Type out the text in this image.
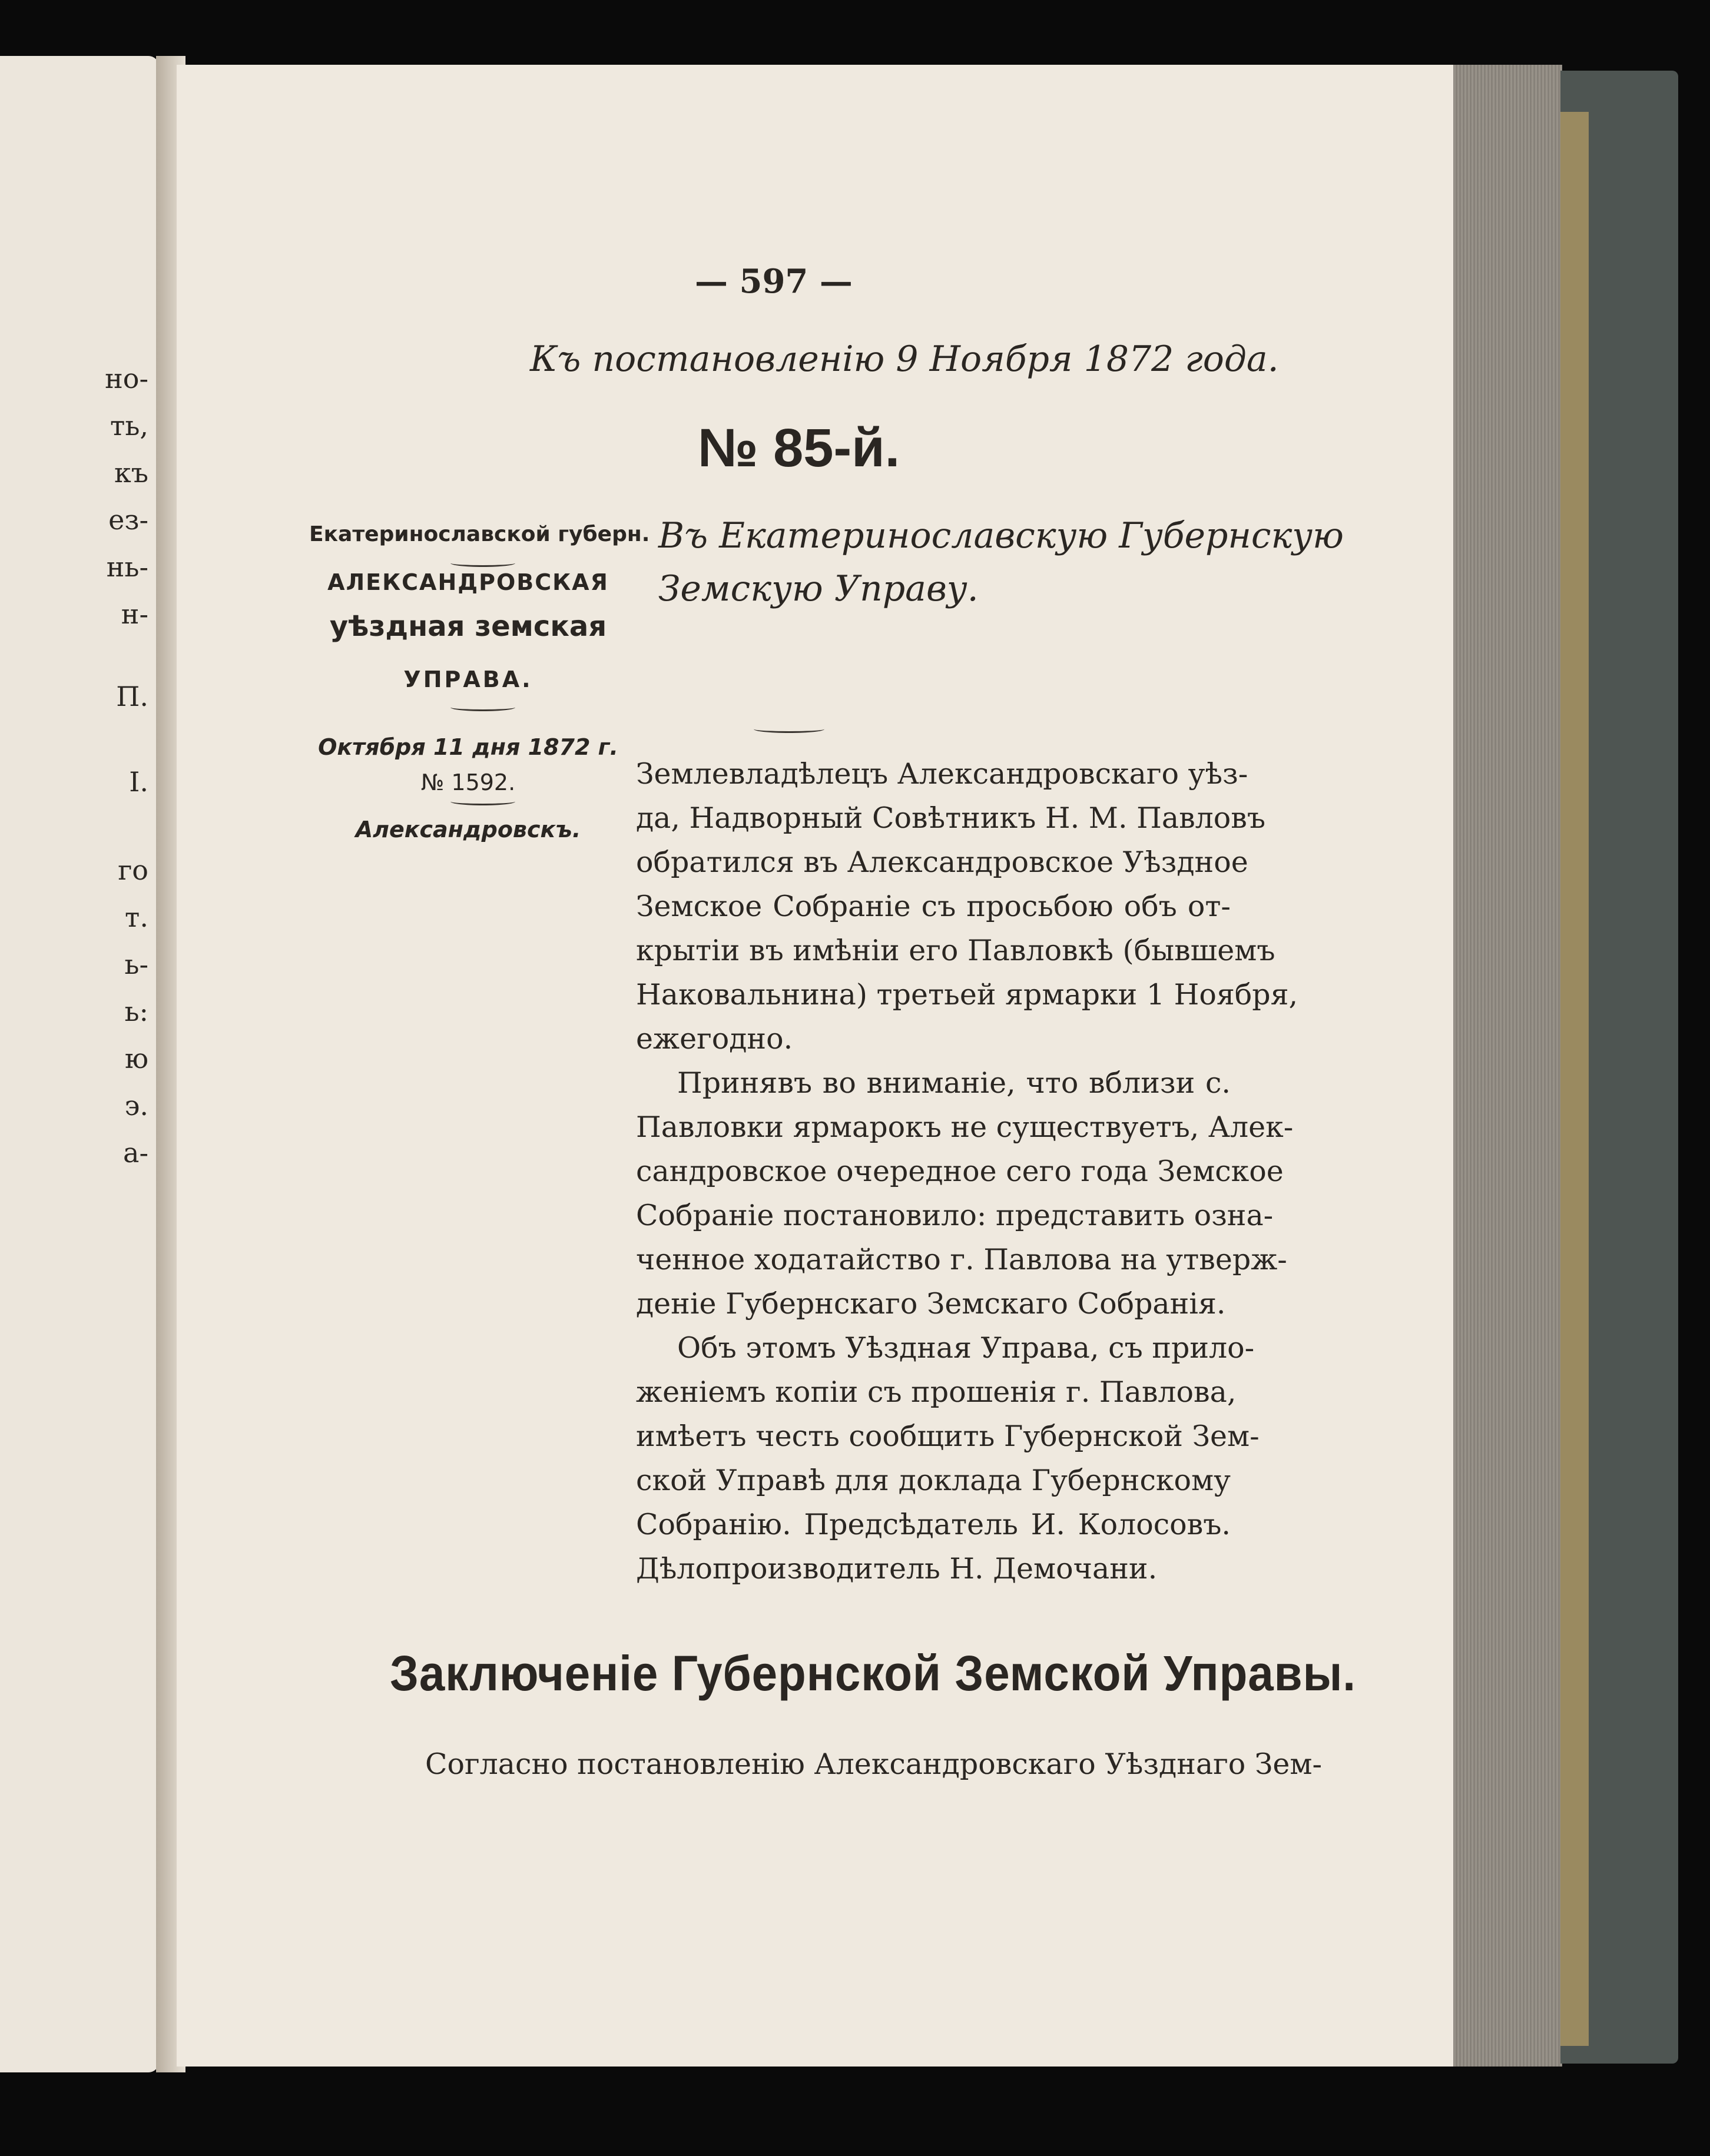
но-
ть,
къ
ез-
нь-
н-
П.
I.
го
т.
ь-
ь:
ю
э.
а-
— 597 —
Къ постановленію 9 Ноября 1872 года.
№ 85-й.
Екатеринославской губерн.
АЛЕКСАНДРОВСКАЯ
уѣздная земская
УПРАВА.
Октября 11 дня 1872 г.
№ 1592.
Александровскъ.
Въ Екатеринославскую Губернскую
Земскую Управу.
Землевладѣлецъ Александровскаго уѣз-
да, Надворный Совѣтникъ Н. М. Павловъ
обратился въ Александровское Уѣздное
Земское Собраніе съ просьбою объ от-
крытіи въ имѣніи его Павловкѣ (бывшемъ
Наковальнина) третьей ярмарки 1 Ноября,
ежегодно.
Принявъ во вниманіе, что вблизи с.
Павловки ярмарокъ не существуетъ, Алек-
сандровское очередное сего года Земское
Собраніе постановило: представить озна-
ченное ходатайство г. Павлова на утверж-
деніе Губернскаго Земскаго Собранія.
Объ этомъ Уѣздная Управа, съ прило-
женіемъ копіи съ прошенія г. Павлова,
имѣетъ честь сообщить Губернской Зем-
ской Управѣ для доклада Губернскому
Собранію. Предсѣдатель И. Колосовъ.
Дѣлопроизводитель Н. Демочани.
Заключеніе Губернской Земской Управы.
Согласно постановленію Александровскаго Уѣзднаго Зем-
